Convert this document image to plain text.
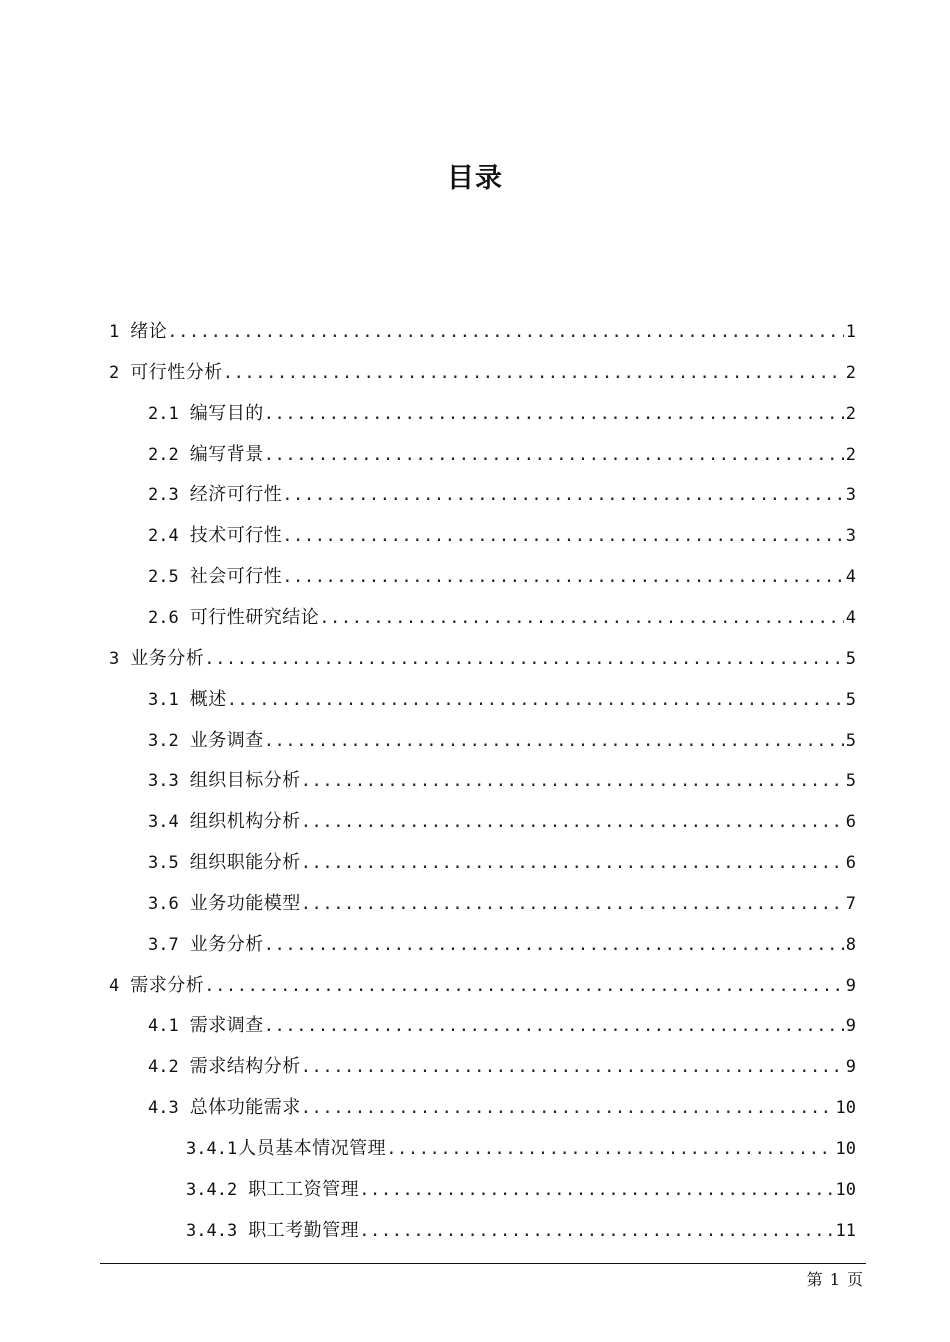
目录
1 绪论 .....	1
2 可行性分析 .....	2
2.1 编写目的 .....	2
2.2 编写背景 .....	2
2.3 经济可行性 .....	3
2.4 技术可行性 .....	3
2.5 社会可行性 .....	4
2.6 可行性研究结论 .....	4
3 业务分析 .....	5
3.1 概述 .....	5
3.2 业务调查 .....	5
3.3 组织目标分析 .....	5
3.4 组织机构分析 .....	6
3.5 组织职能分析 .....	6
3.6 业务功能模型 .....	7
3.7 业务分析 .....	8
4 需求分析 .....	9
4.1 需求调查 .....	9
4.2 需求结构分析 .....	9
4.3 总体功能需求 .....	10
3.4.1 人员基本情况管理 .....	10
3.4.2 职工工资管理 .....	10
3.4.3 职工考勤管理 .....	11
第 1 页
